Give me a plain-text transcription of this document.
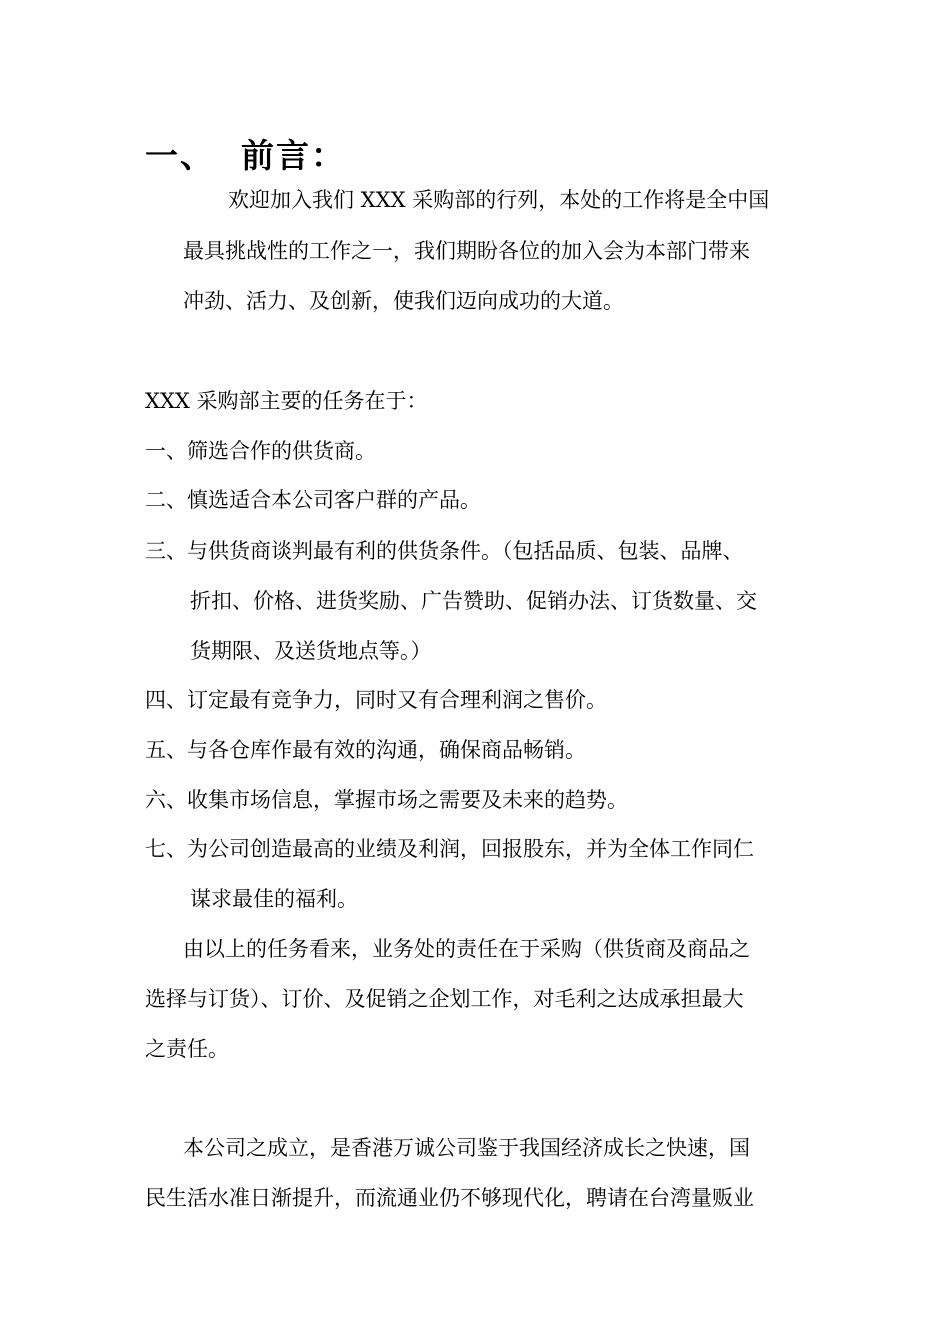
一、 前言：
欢迎加入我们 XXX 采购部的行列，本处的工作将是全中国
最具挑战性的工作之一，我们期盼各位的加入会为本部门带来
冲劲、活力、及创新，使我们迈向成功的大道。
XXX 采购部主要的任务在于：
一、筛选合作的供货商。
二、慎选适合本公司客户群的产品。
三、与供货商谈判最有利的供货条件。（包括品质、包装、品牌、
折扣、价格、进货奖励、广告赞助、促销办法、订货数量、交
货期限、及送货地点等。）
四、订定最有竞争力，同时又有合理利润之售价。
五、与各仓库作最有效的沟通，确保商品畅销。
六、收集市场信息，掌握市场之需要及未来的趋势。
七、为公司创造最高的业绩及利润，回报股东，并为全体工作同仁
谋求最佳的福利。
由以上的任务看来，业务处的责任在于采购（供货商及商品之
选择与订货）、订价、及促销之企划工作，对毛利之达成承担最大
之责任。
本公司之成立，是香港万诚公司鉴于我国经济成长之快速，国
民生活水准日渐提升，而流通业仍不够现代化，聘请在台湾量贩业
